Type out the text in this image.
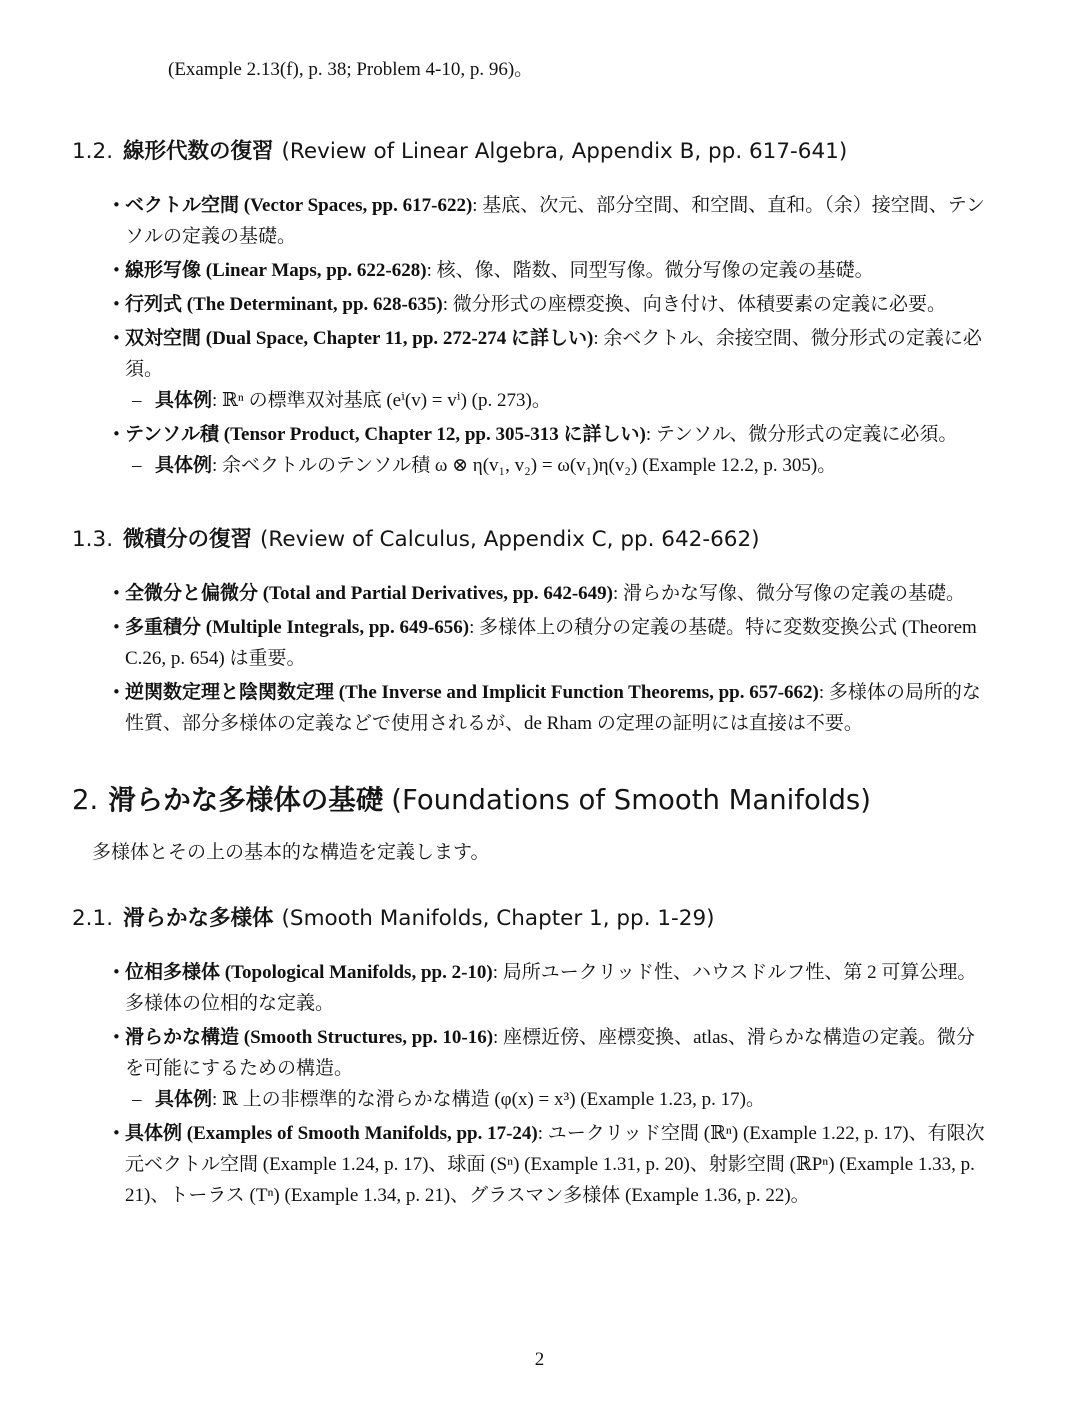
(Example 2.13(f), p. 38; Problem 4-10, p. 96)。

1.2. 線形代数の復習 (Review of Linear Algebra, Appendix B, pp. 617-641)
• ベクトル空間 (Vector Spaces, pp. 617-622): 基底、次元、部分空間、和空間、直和。（余）接空間、テンソルの定義の基礎。
• 線形写像 (Linear Maps, pp. 622-628): 核、像、階数、同型写像。微分写像の定義の基礎。
• 行列式 (The Determinant, pp. 628-635): 微分形式の座標変換、向き付け、体積要素の定義に必要。
• 双対空間 (Dual Space, Chapter 11, pp. 272-274 に詳しい): 余ベクトル、余接空間、微分形式の定義に必須。
– 具体例: ℝⁿ の標準双対基底 (eⁱ(v) = vⁱ) (p. 273)。
• テンソル積 (Tensor Product, Chapter 12, pp. 305-313 に詳しい): テンソル、微分形式の定義に必須。
– 具体例: 余ベクトルのテンソル積 ω ⊗ η(v₁, v₂) = ω(v₁)η(v₂) (Example 12.2, p. 305)。
1.3. 微積分の復習 (Review of Calculus, Appendix C, pp. 642-662)
• 全微分と偏微分 (Total and Partial Derivatives, pp. 642-649): 滑らかな写像、微分写像の定義の基礎。
• 多重積分 (Multiple Integrals, pp. 649-656): 多様体上の積分の定義の基礎。特に変数変換公式 (Theorem C.26, p. 654) は重要。
• 逆関数定理と陰関数定理 (The Inverse and Implicit Function Theorems, pp. 657-662): 多様体の局所的な性質、部分多様体の定義などで使用されるが、de Rham の定理の証明には直接は不要。
2. 滑らかな多様体の基礎 (Foundations of Smooth Manifolds)

多様体とその上の基本的な構造を定義します。

2.1. 滑らかな多様体 (Smooth Manifolds, Chapter 1, pp. 1-29)
• 位相多様体 (Topological Manifolds, pp. 2-10): 局所ユークリッド性、ハウスドルフ性、第 2 可算公理。多様体の位相的な定義。
• 滑らかな構造 (Smooth Structures, pp. 10-16): 座標近傍、座標変換、atlas、滑らかな構造の定義。微分を可能にするための構造。
– 具体例: ℝ 上の非標準的な滑らかな構造 (φ(x) = x³) (Example 1.23, p. 17)。
• 具体例 (Examples of Smooth Manifolds, pp. 17-24): ユークリッド空間 (ℝⁿ) (Example 1.22, p. 17)、有限次元ベクトル空間 (Example 1.24, p. 17)、球面 (Sⁿ) (Example 1.31, p. 20)、射影空間 (ℝPⁿ) (Example 1.33, p. 21)、トーラス (Tⁿ) (Example 1.34, p. 21)、グラスマン多様体 (Example 1.36, p. 22)。
2
